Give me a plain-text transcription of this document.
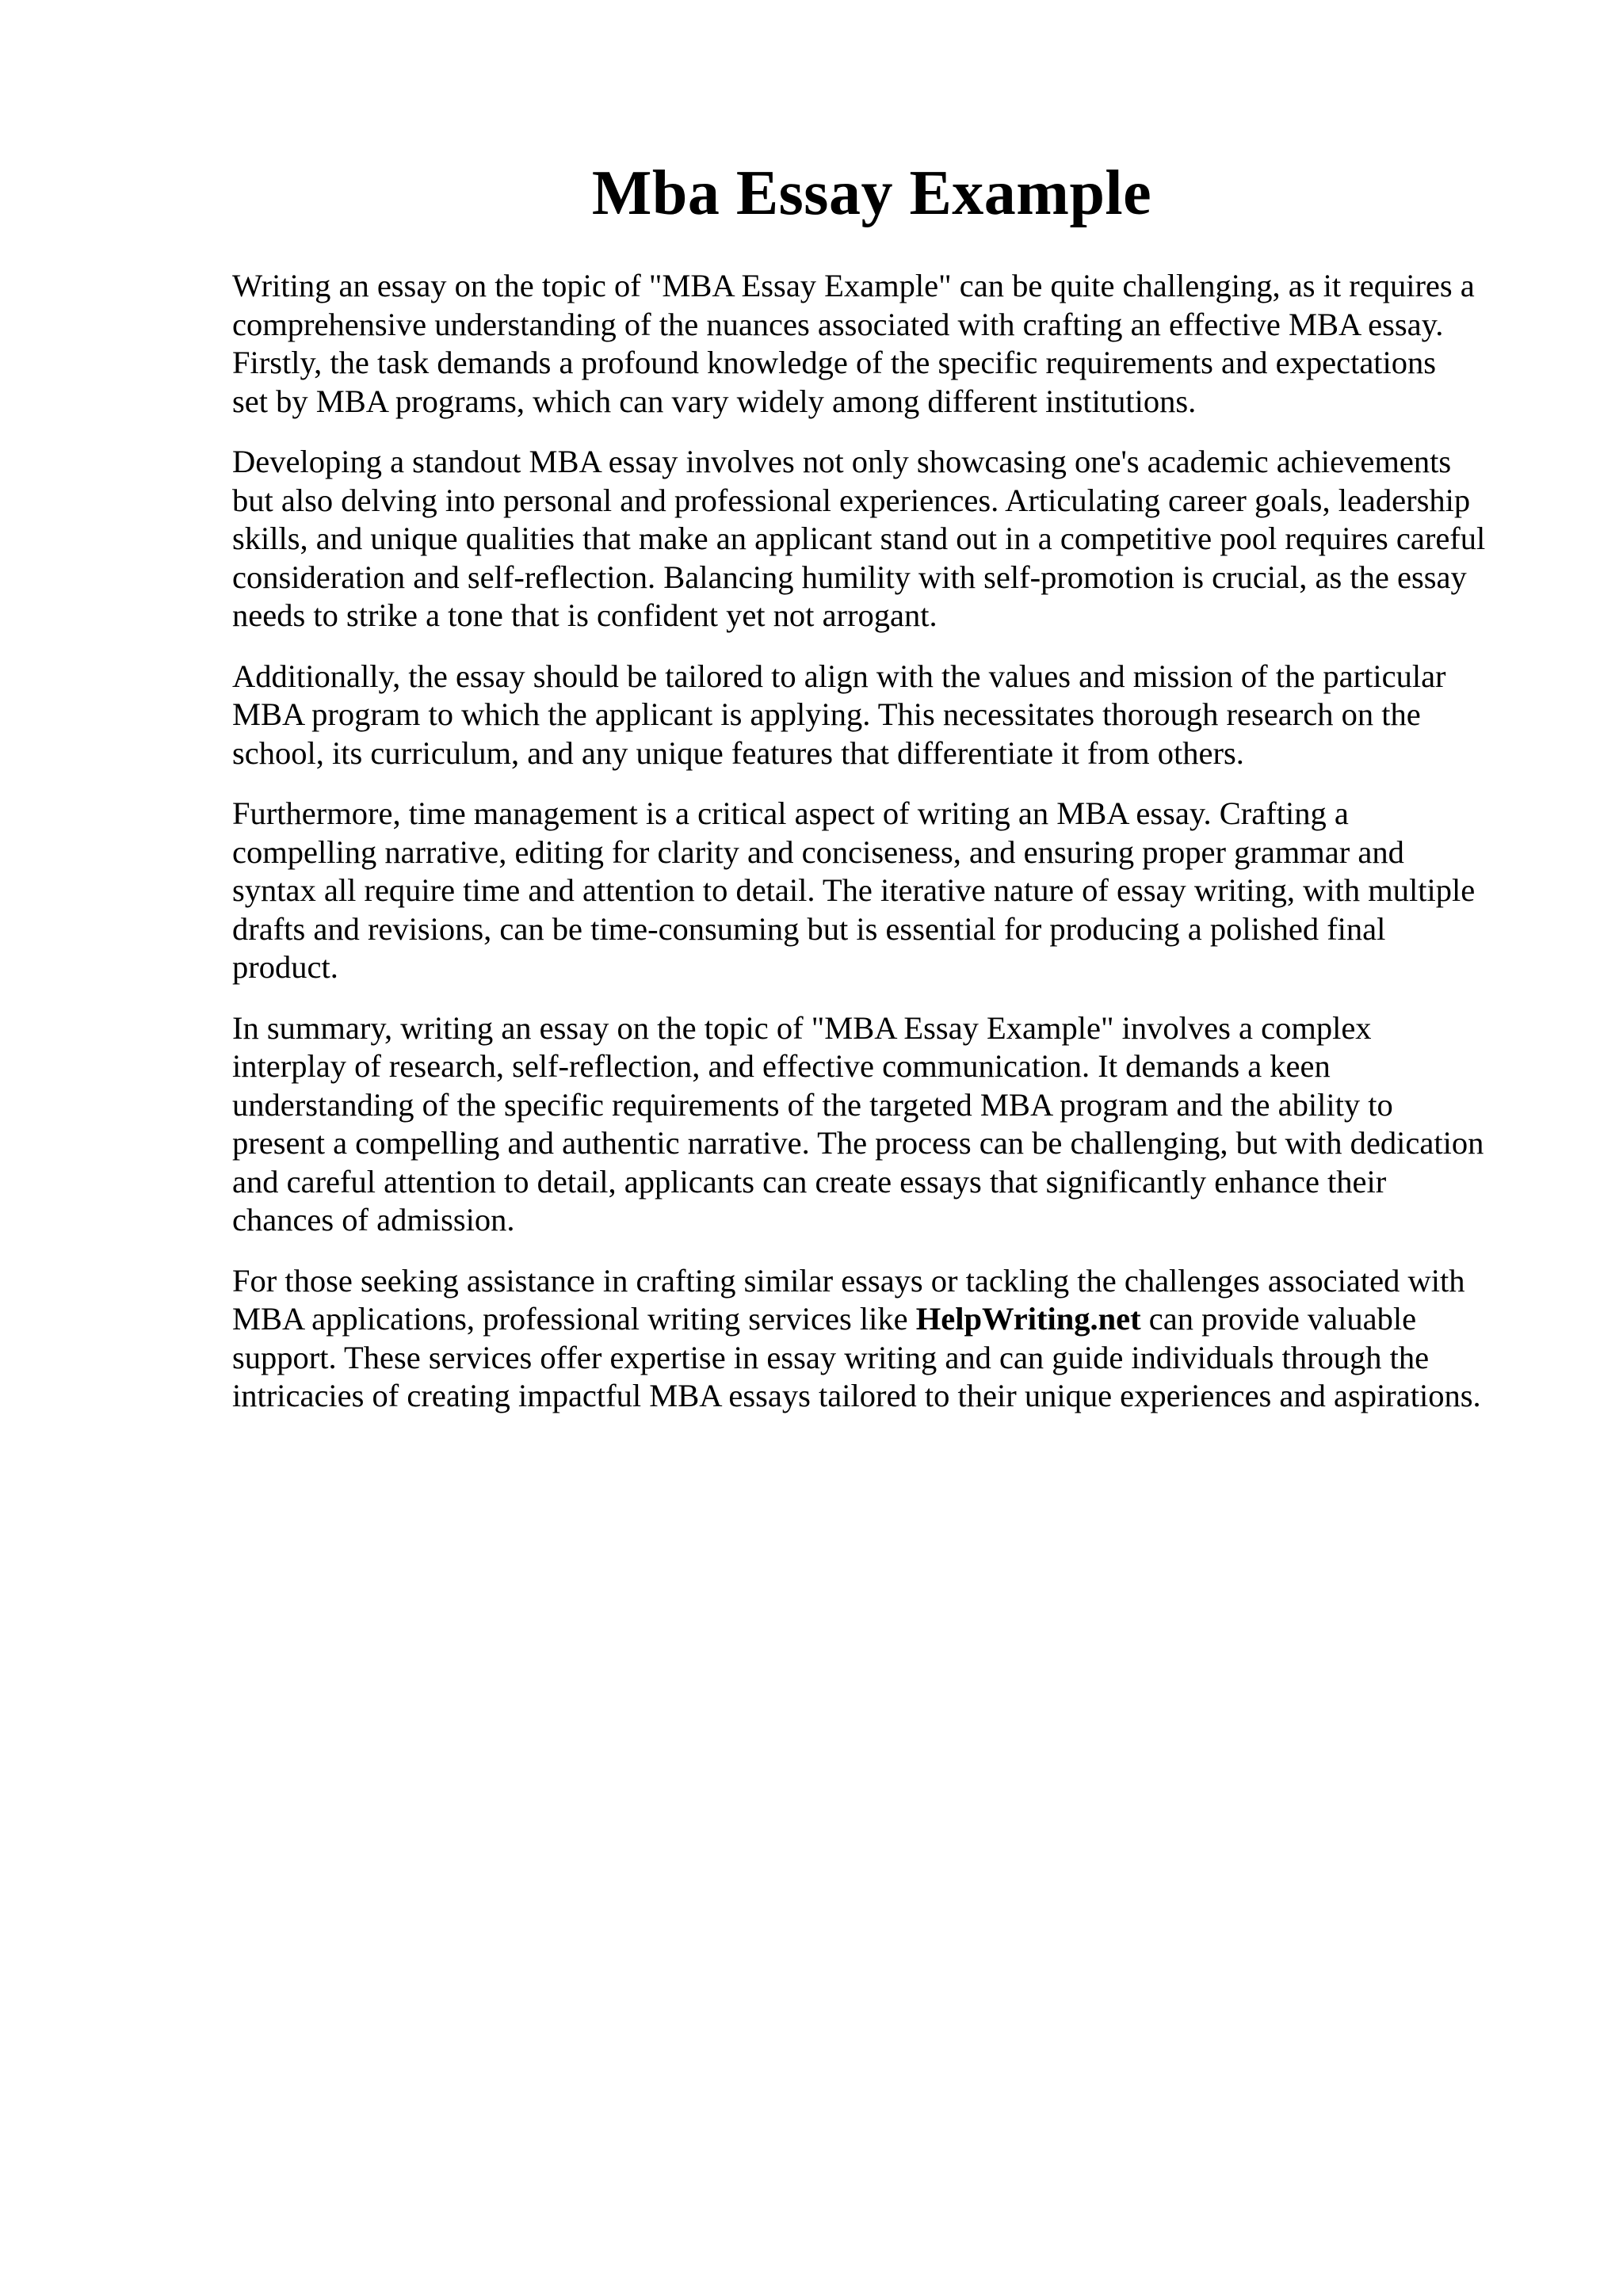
Mba Essay Example

Writing an essay on the topic of "MBA Essay Example" can be quite challenging, as it requires a
comprehensive understanding of the nuances associated with crafting an effective MBA essay.
Firstly, the task demands a profound knowledge of the specific requirements and expectations
set by MBA programs, which can vary widely among different institutions.

Developing a standout MBA essay involves not only showcasing one's academic achievements
but also delving into personal and professional experiences. Articulating career goals, leadership
skills, and unique qualities that make an applicant stand out in a competitive pool requires careful
consideration and self-reflection. Balancing humility with self-promotion is crucial, as the essay
needs to strike a tone that is confident yet not arrogant.

Additionally, the essay should be tailored to align with the values and mission of the particular
MBA program to which the applicant is applying. This necessitates thorough research on the
school, its curriculum, and any unique features that differentiate it from others.

Furthermore, time management is a critical aspect of writing an MBA essay. Crafting a
compelling narrative, editing for clarity and conciseness, and ensuring proper grammar and
syntax all require time and attention to detail. The iterative nature of essay writing, with multiple
drafts and revisions, can be time-consuming but is essential for producing a polished final
product.

In summary, writing an essay on the topic of "MBA Essay Example" involves a complex
interplay of research, self-reflection, and effective communication. It demands a keen
understanding of the specific requirements of the targeted MBA program and the ability to
present a compelling and authentic narrative. The process can be challenging, but with dedication
and careful attention to detail, applicants can create essays that significantly enhance their
chances of admission.

For those seeking assistance in crafting similar essays or tackling the challenges associated with
MBA applications, professional writing services like HelpWriting.net can provide valuable
support. These services offer expertise in essay writing and can guide individuals through the
intricacies of creating impactful MBA essays tailored to their unique experiences and aspirations.
